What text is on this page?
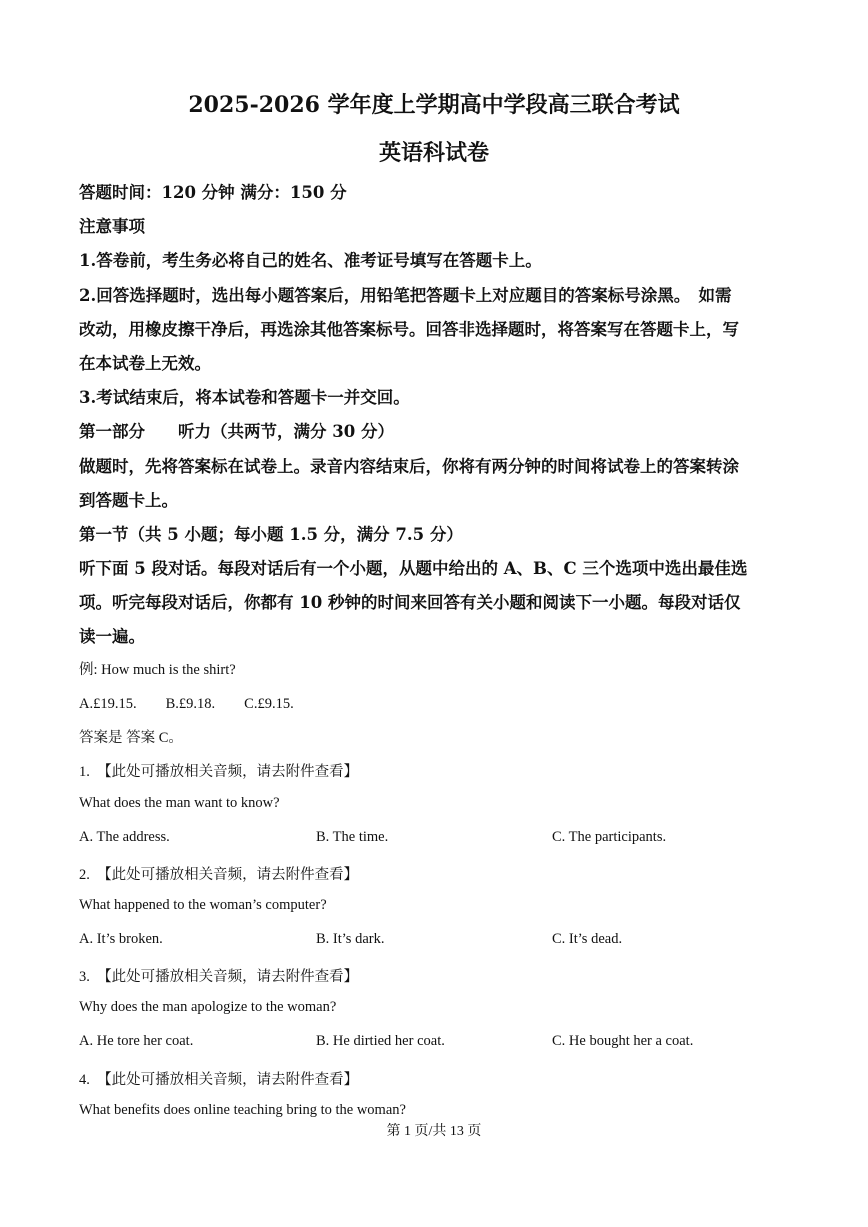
2025-2026 学年度上学期高中学段高三联合考试
英语科试卷
答题时间：120 分钟 满分：150 分
注意事项
1.答卷前，考生务必将自己的姓名、准考证号填写在答题卡上。
2.回答选择题时，选出每小题答案后，用铅笔把答题卡上对应题目的答案标号涂黑。　如需
改动，用橡皮擦干净后，再选涂其他答案标号。回答非选择题时，将答案写在答题卡上，写
在本试卷上无效。
3.考试结束后，将本试卷和答题卡一并交回。
第一部分　　听力（共两节，满分 30 分）
做题时，先将答案标在试卷上。录音内容结束后，你将有两分钟的时间将试卷上的答案转涂
到答题卡上。
第一节（共 5 小题；每小题 1.5 分，满分 7.5 分）
听下面 5 段对话。每段对话后有一个小题，从题中给出的 A、B、C 三个选项中选出最佳选
项。听完每段对话后，你都有 10 秒钟的时间来回答有关小题和阅读下一小题。每段对话仅
读一遍。
例: How much is the shirt?
A.£19.15.　　B.£9.18.　　C.£9.15.
答案是 答案 C。
1.　【此处可播放相关音频，请去附件查看】
What does the man want to know?
A. The address.	B. The time.	C. The participants.
2.　【此处可播放相关音频，请去附件查看】
What happened to the woman’s computer?
A. It’s broken.	B. It’s dark.	C. It’s dead.
3.　【此处可播放相关音频，请去附件查看】
Why does the man apologize to the woman?
A. He tore her coat.	B. He dirtied her coat.	C. He bought her a coat.
4.　【此处可播放相关音频，请去附件查看】
What benefits does online teaching bring to the woman?
第 1 页/共 13 页
